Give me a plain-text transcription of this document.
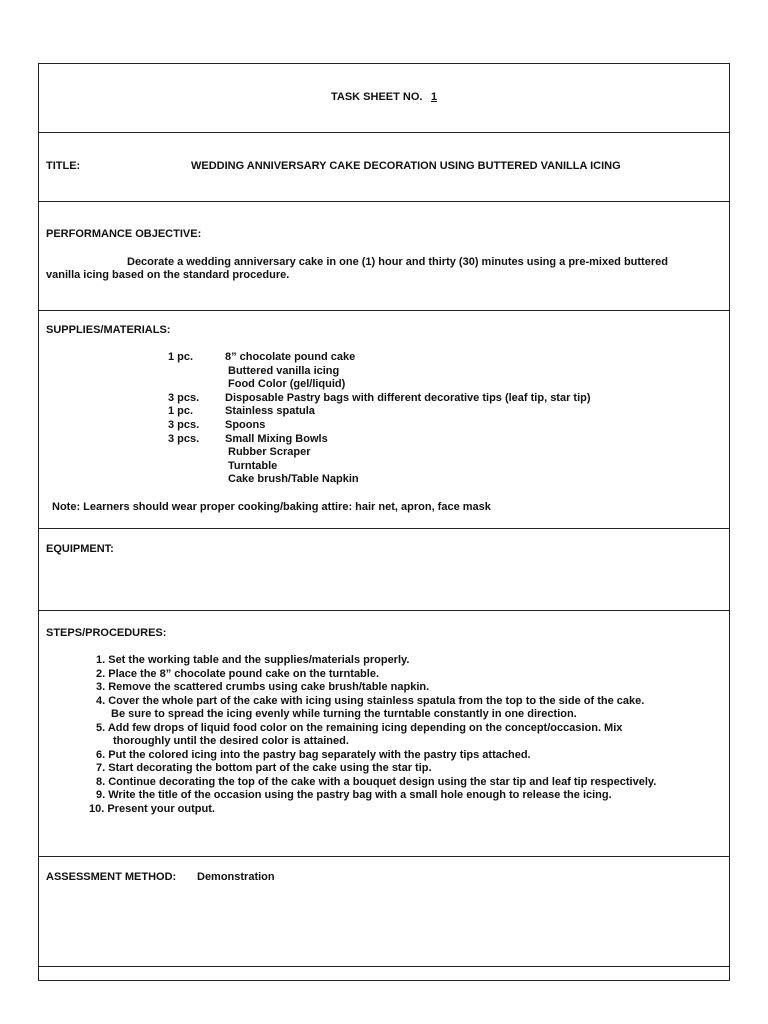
TASK SHEET NO. 1
TITLE:	WEDDING ANNIVERSARY CAKE DECORATION USING BUTTERED VANILLA ICING
PERFORMANCE OBJECTIVE:
Decorate a wedding anniversary cake in one (1) hour and thirty (30) minutes using a pre-mixed buttered
vanilla icing based on the standard procedure.
SUPPLIES/MATERIALS:
1 pc.	8” chocolate pound cake
Buttered vanilla icing
Food Color (gel/liquid)
3 pcs. Disposable Pastry bags with different decorative tips (leaf tip, star tip)
1 pc.	Stainless spatula
3 pcs. Spoons
3 pcs. Small Mixing Bowls
Rubber Scraper
Turntable
Cake brush/Table Napkin
Note: Learners should wear proper cooking/baking attire: hair net, apron, face mask
EQUIPMENT:
STEPS/PROCEDURES:
1. Set the working table and the supplies/materials properly.
2. Place the 8” chocolate pound cake on the turntable.
3. Remove the scattered crumbs using cake brush/table napkin.
4. Cover the whole part of the cake with icing using stainless spatula from the top to the side of the cake.
Be sure to spread the icing evenly while turning the turntable constantly in one direction.
5. Add few drops of liquid food color on the remaining icing depending on the concept/occasion. Mix
thoroughly until the desired color is attained.
6. Put the colored icing into the pastry bag separately with the pastry tips attached.
7. Start decorating the bottom part of the cake using the star tip.
8. Continue decorating the top of the cake with a bouquet design using the star tip and leaf tip respectively.
9. Write the title of the occasion using the pastry bag with a small hole enough to release the icing.
10. Present your output.
ASSESSMENT METHOD: Demonstration
